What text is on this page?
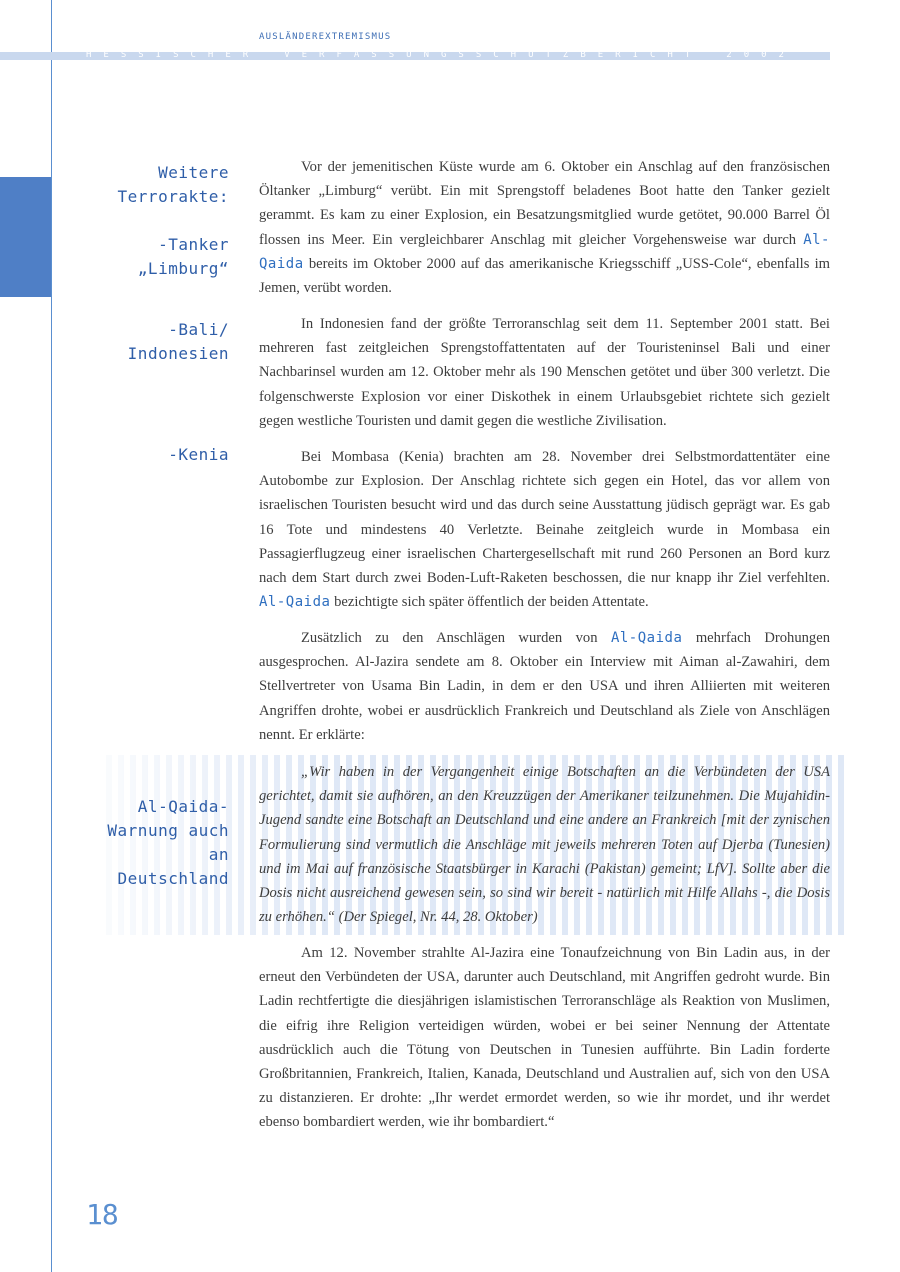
AUSLÄNDEREXTREMISMUS
HESSISCHER	VERFASSUNGSSCHUTZBERICHT	2002
Weitere Terrorakte:
-Tanker „Limburg“
-Bali/ Indonesien
-Kenia

Vor der jemenitischen Küste wurde am 6. Oktober ein Anschlag auf den französischen Öltanker „Limburg“ verübt. Ein mit Sprengstoff beladenes Boot hatte den Tanker gezielt gerammt. Es kam zu einer Explosion, ein Besatzungsmitglied wurde getötet, 90.000 Barrel Öl flossen ins Meer. Ein vergleichbarer Anschlag mit gleicher Vorgehensweise war durch Al-Qaida bereits im Oktober 2000 auf das amerikanische Kriegsschiff „USS-Cole“, ebenfalls im Jemen, verübt worden.

In Indonesien fand der größte Terroranschlag seit dem 11. September 2001 statt. Bei mehreren fast zeitgleichen Sprengstoffattentaten auf der Touristeninsel Bali und einer Nachbarinsel wurden am 12. Oktober mehr als 190 Menschen getötet und über 300 verletzt. Die folgenschwerste Explosion vor einer Diskothek in einem Urlaubsgebiet richtete sich gezielt gegen westliche Touristen und damit gegen die westliche Zivilisation.

Bei Mombasa (Kenia) brachten am 28. November drei Selbstmordattentäter eine Autobombe zur Explosion. Der Anschlag richtete sich gegen ein Hotel, das vor allem von israelischen Touristen besucht wird und das durch seine Ausstattung jüdisch geprägt war. Es gab 16 Tote und mindestens 40 Verletzte. Beinahe zeitgleich wurde in Mombasa ein Passagierflugzeug einer israelischen Chartergesellschaft mit rund 260 Personen an Bord kurz nach dem Start durch zwei Boden-Luft-Raketen beschossen, die nur knapp ihr Ziel verfehlten. Al-Qaida bezichtigte sich später öffentlich der beiden Attentate.

Zusätzlich zu den Anschlägen wurden von Al-Qaida mehrfach Drohungen ausgesprochen. Al-Jazira sendete am 8. Oktober ein Interview mit Aiman al-Zawahiri, dem Stellvertreter von Usama Bin Ladin, in dem er den USA und ihren Alliierten mit weiteren Angriffen drohte, wobei er ausdrücklich Frankreich und Deutschland als Ziele von Anschlägen nennt. Er erklärte:

Al-Qaida- Warnung auch an Deutschland

„Wir haben in der Vergangenheit einige Botschaften an die Verbündeten der USA gerichtet, damit sie aufhören, an den Kreuzzügen der Amerikaner teilzunehmen. Die Mujahidin-Jugend sandte eine Botschaft an Deutschland und eine andere an Frankreich [mit der zynischen Formulierung sind vermutlich die Anschläge mit jeweils mehreren Toten auf Djerba (Tunesien) und im Mai auf französische Staatsbürger in Karachi (Pakistan) gemeint; LfV]. Sollte aber die Dosis nicht ausreichend gewesen sein, so sind wir bereit - natürlich mit Hilfe Allahs -, die Dosis zu erhöhen.“ (Der Spiegel, Nr. 44, 28. Oktober)

Am 12. November strahlte Al-Jazira eine Tonaufzeichnung von Bin Ladin aus, in der erneut den Verbündeten der USA, darunter auch Deutschland, mit Angriffen gedroht wurde. Bin Ladin rechtfertigte die diesjährigen islamistischen Terroranschläge als Reaktion von Muslimen, die eifrig ihre Religion verteidigen würden, wobei er bei seiner Nennung der Attentate ausdrücklich auch die Tötung von Deutschen in Tunesien aufführte. Bin Ladin forderte Großbritannien, Frankreich, Italien, Kanada, Deutschland und Australien auf, sich von den USA zu distanzieren. Er drohte: „Ihr werdet ermordet werden, so wie ihr mordet, und ihr werdet ebenso bombardiert werden, wie ihr bombardiert.“

18
